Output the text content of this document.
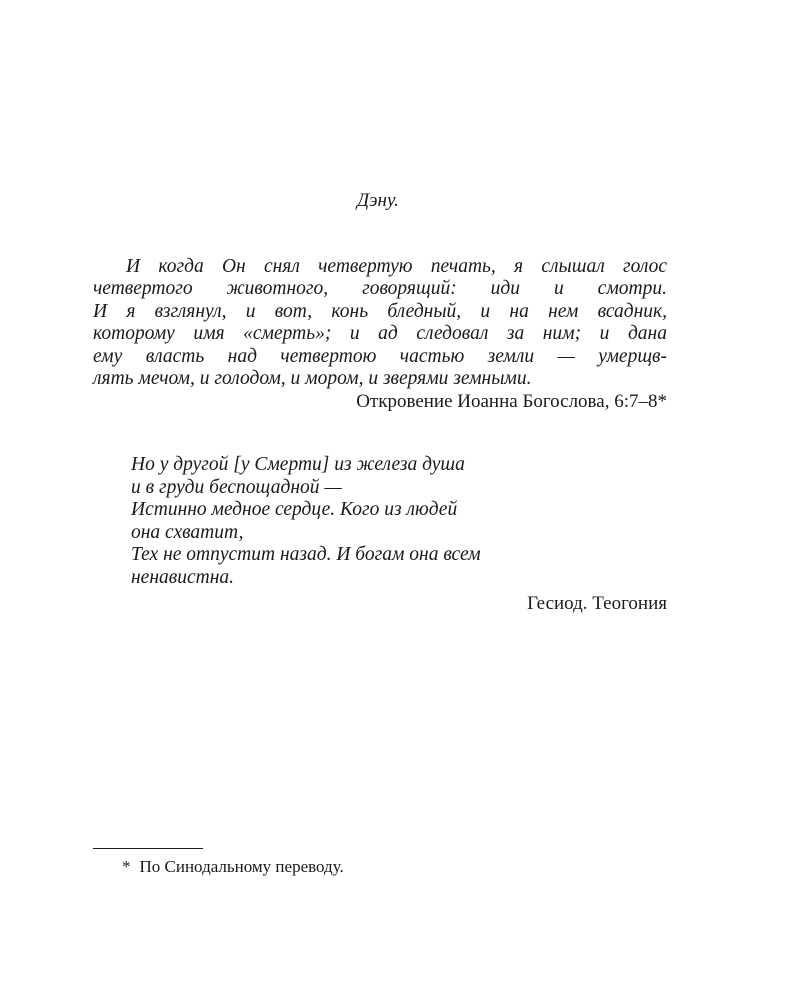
Дэну.
И когда Он снял четвертую печать, я слышал голос
четвертого животного, говорящий: иди и смотри.
И я взглянул, и вот, конь бледный, и на нем всадник,
которому имя «смерть»; и ад следовал за ним; и дана
ему власть над четвертою частью земли — умерщв-
лять мечом, и голодом, и мором, и зверями земными.
Откровение Иоанна Богослова, 6:7–8*
Но у другой [у Смерти] из железа душа
и в груди беспощадной —
Истинно медное сердце. Кого из людей
она схватит,
Тех не отпустит назад. И богам она всем
ненавистна.
Гесиод. Теогония
* По Синодальному переводу.
